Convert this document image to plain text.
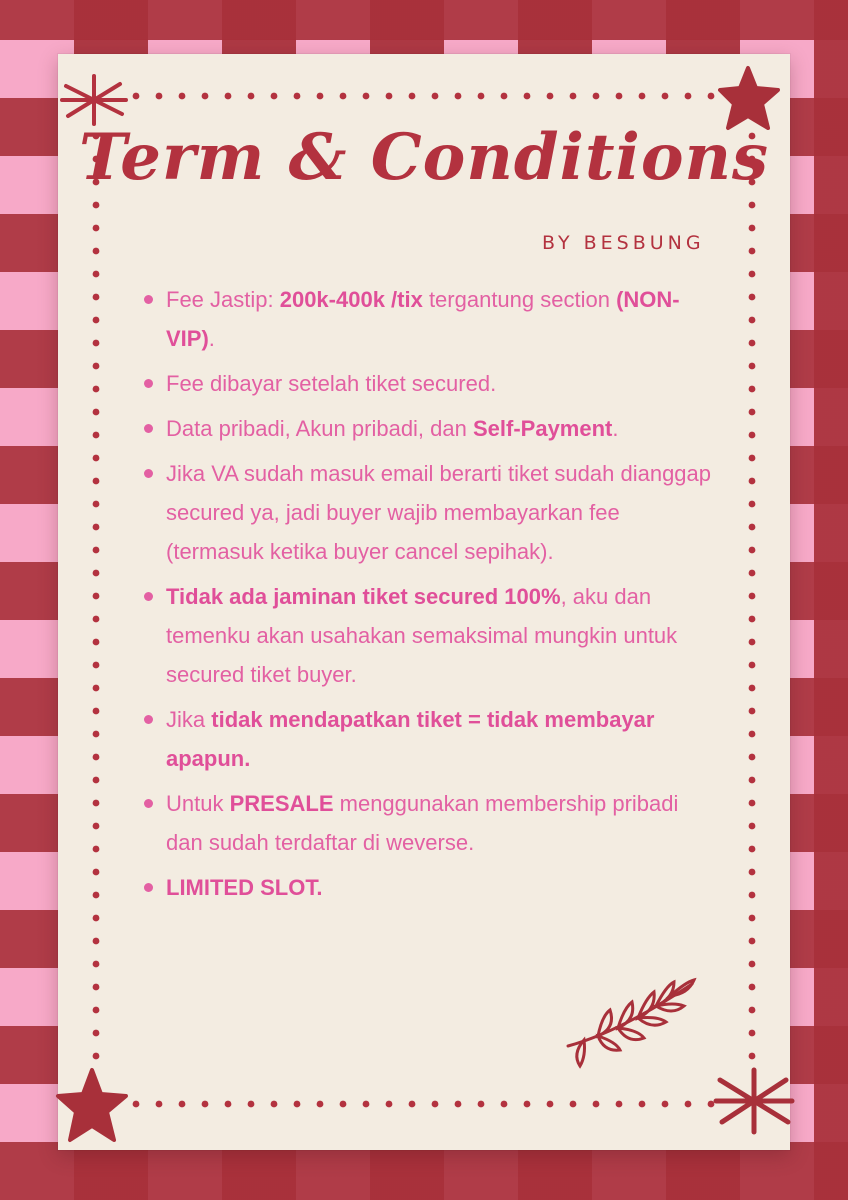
Term & Conditions

BY BESBUNG

Fee Jastip: 200k-400k /tix tergantung section (NON-VIP).
Fee dibayar setelah tiket secured.
Data pribadi, Akun pribadi, dan Self-Payment.
Jika VA sudah masuk email berarti tiket sudah dianggap secured ya, jadi buyer wajib membayarkan fee (termasuk ketika buyer cancel sepihak).
Tidak ada jaminan tiket secured 100%, aku dan temenku akan usahakan semaksimal mungkin untuk secured tiket buyer.
Jika tidak mendapatkan tiket = tidak membayar apapun.
Untuk PRESALE menggunakan membership pribadi dan sudah terdaftar di weverse.
LIMITED SLOT.
